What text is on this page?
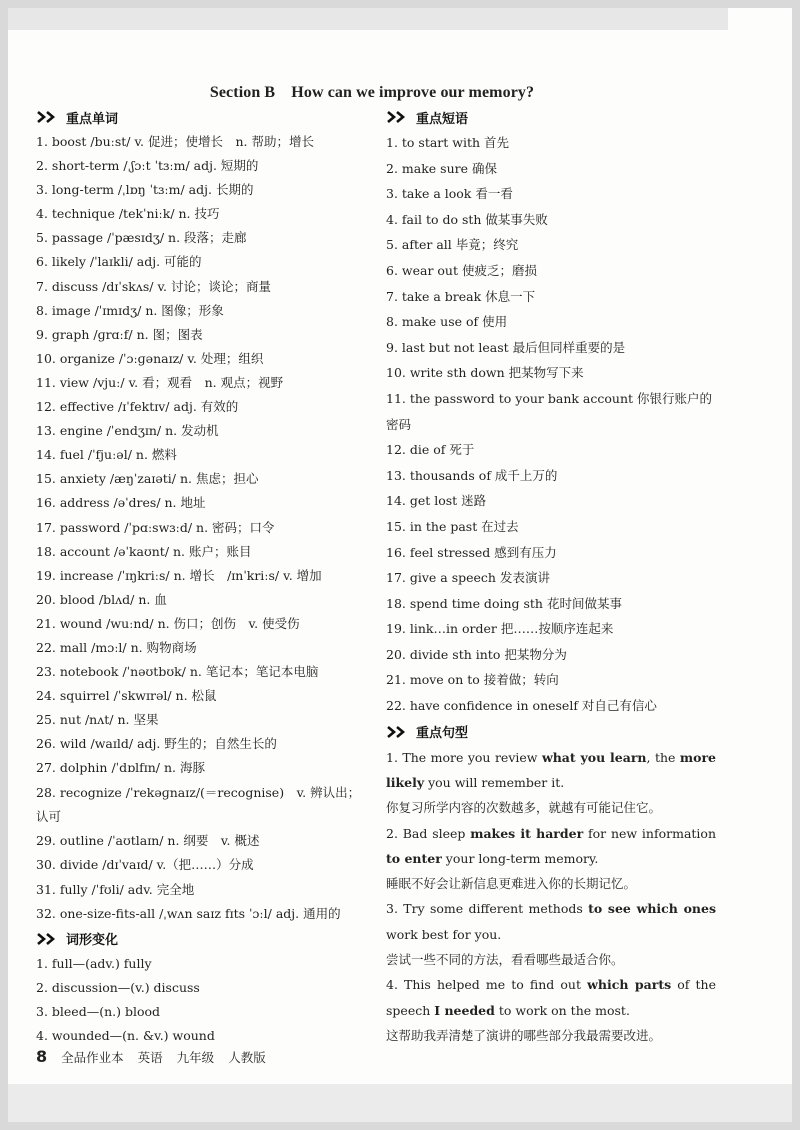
Section B How can we improve our memory?
重点单词
1. boost /buːst/ v. 促进；使增长　n. 帮助；增长
2. short-term /ˌʃɔːt ˈtɜːm/ adj. 短期的
3. long-term /ˌlɒŋ ˈtɜːm/ adj. 长期的
4. technique /tekˈniːk/ n. 技巧
5. passage /ˈpæsɪdʒ/ n. 段落；走廊
6. likely /ˈlaɪkli/ adj. 可能的
7. discuss /dɪˈskʌs/ v. 讨论；谈论；商量
8. image /ˈɪmɪdʒ/ n. 图像；形象
9. graph /ɡrɑːf/ n. 图；图表
10. organize /ˈɔːɡənaɪz/ v. 处理；组织
11. view /vjuː/ v. 看；观看　n. 观点；视野
12. effective /ɪˈfektɪv/ adj. 有效的
13. engine /ˈendʒɪn/ n. 发动机
14. fuel /ˈfjuːəl/ n. 燃料
15. anxiety /æŋˈzaɪəti/ n. 焦虑；担心
16. address /əˈdres/ n. 地址
17. password /ˈpɑːswɜːd/ n. 密码；口令
18. account /əˈkaʊnt/ n. 账户；账目
19. increase /ˈɪŋkriːs/ n. 增长　/ɪnˈkriːs/ v. 增加
20. blood /blʌd/ n. 血
21. wound /wuːnd/ n. 伤口；创伤　v. 使受伤
22. mall /mɔːl/ n. 购物商场
23. notebook /ˈnəʊtbʊk/ n. 笔记本；笔记本电脑
24. squirrel /ˈskwɪrəl/ n. 松鼠
25. nut /nʌt/ n. 坚果
26. wild /waɪld/ adj. 野生的；自然生长的
27. dolphin /ˈdɒlfɪn/ n. 海豚
28. recognize /ˈrekəɡnaɪz/(＝recognise)　v. 辨认出；认可
29. outline /ˈaʊtlaɪn/ n. 纲要　v. 概述
30. divide /dɪˈvaɪd/ v.（把……）分成
31. fully /ˈfʊli/ adv. 完全地
32. one-size-fits-all /ˌwʌn saɪz fɪts ˈɔːl/ adj. 通用的
词形变化
1. full—(adv.) fully
2. discussion—(v.) discuss
3. bleed—(n.) blood
4. wounded—(n. &v.) wound
重点短语
1. to start with 首先
2. make sure 确保
3. take a look 看一看
4. fail to do sth 做某事失败
5. after all 毕竟；终究
6. wear out 使疲乏；磨损
7. take a break 休息一下
8. make use of 使用
9. last but not least 最后但同样重要的是
10. write sth down 把某物写下来
11. the password to your bank account 你银行账户的密码
12. die of 死于
13. thousands of 成千上万的
14. get lost 迷路
15. in the past 在过去
16. feel stressed 感到有压力
17. give a speech 发表演讲
18. spend time doing sth 花时间做某事
19. link…in order 把……按顺序连起来
20. divide sth into 把某物分为
21. move on to 接着做；转向
22. have confidence in oneself 对自己有信心
重点句型
1. The more you review what you learn, the more likely you will remember it.
你复习所学内容的次数越多，就越有可能记住它。
2. Bad sleep makes it harder for new information to enter your long-term memory.
睡眠不好会让新信息更难进入你的长期记忆。
3. Try some different methods to see which ones work best for you.
尝试一些不同的方法，看看哪些最适合你。
4. This helped me to find out which parts of the speech I needed to work on the most.
这帮助我弄清楚了演讲的哪些部分我最需要改进。
8 全品作业本 英语 九年级 人教版
